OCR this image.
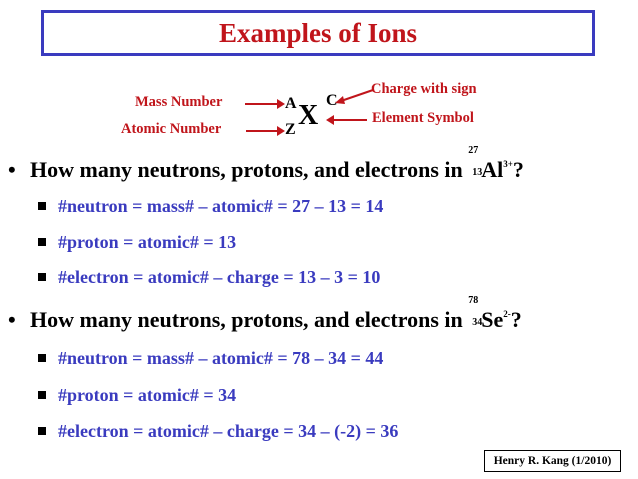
Examples of Ions
Mass Number
Atomic Number
A
Z X C
Charge with sign
Element Symbol
• How many neutrons, protons, and electrons in
27
13 $Al^{3+}$?
#neutron = mass# – atomic# = 27 – 13 = 14
#proton = atomic# = 13
#electron = atomic# – charge = 13 – 3 = 10
• How many neutrons, protons, and electrons in
78
34 $Se^{2-}$?
#neutron = mass# – atomic# = 78 – 34 = 44
#proton = atomic# = 34
#electron = atomic# – charge = 34 – (-2) = 36
Henry R. Kang (1/2010)
